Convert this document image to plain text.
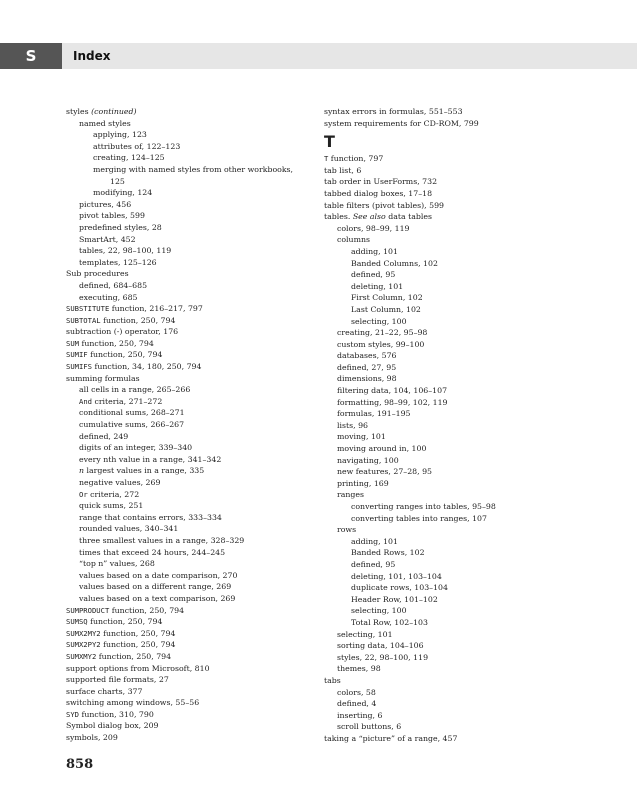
S	Index
styles (continued)
named styles
applying, 123
attributes of, 122–123
creating, 124–125
merging with named styles from other workbooks,
125
modifying, 124
pictures, 456
pivot tables, 599
predefined styles, 28
SmartArt, 452
tables, 22, 98–100, 119
templates, 125–126
Sub procedures
defined, 684–685
executing, 685
SUBSTITUTE function, 216–217, 797
SUBTOTAL function, 250, 794
subtraction (-) operator, 176
SUM function, 250, 794
SUMIF function, 250, 794
SUMIFS function, 34, 180, 250, 794
summing formulas
all cells in a range, 265–266
And criteria, 271–272
conditional sums, 268–271
cumulative sums, 266–267
defined, 249
digits of an integer, 339–340
every nth value in a range, 341–342
n largest values in a range, 335
negative values, 269
Or criteria, 272
quick sums, 251
range that contains errors, 333–334
rounded values, 340–341
three smallest values in a range, 328–329
times that exceed 24 hours, 244–245
“top n” values, 268
values based on a date comparison, 270
values based on a different range, 269
values based on a text comparison, 269
SUMPRODUCT function, 250, 794
SUMSQ function, 250, 794
SUMX2MY2 function, 250, 794
SUMX2PY2 function, 250, 794
SUMXMY2 function, 250, 794
support options from Microsoft, 810
supported file formats, 27
surface charts, 377
switching among windows, 55–56
SYD function, 310, 790
Symbol dialog box, 209
symbols, 209
syntax errors in formulas, 551–553
system requirements for CD-ROM, 799
T
T function, 797
tab list, 6
tab order in UserForms, 732
tabbed dialog boxes, 17–18
table filters (pivot tables), 599
tables. See also data tables
colors, 98–99, 119
columns
adding, 101
Banded Columns, 102
defined, 95
deleting, 101
First Column, 102
Last Column, 102
selecting, 100
creating, 21–22, 95–98
custom styles, 99–100
databases, 576
defined, 27, 95
dimensions, 98
filtering data, 104, 106–107
formatting, 98–99, 102, 119
formulas, 191–195
lists, 96
moving, 101
moving around in, 100
navigating, 100
new features, 27–28, 95
printing, 169
ranges
converting ranges into tables, 95–98
converting tables into ranges, 107
rows
adding, 101
Banded Rows, 102
defined, 95
deleting, 101, 103–104
duplicate rows, 103–104
Header Row, 101–102
selecting, 100
Total Row, 102–103
selecting, 101
sorting data, 104–106
styles, 22, 98–100, 119
themes, 98
tabs
colors, 58
defined, 4
inserting, 6
scroll buttons, 6
taking a “picture” of a range, 457
858
